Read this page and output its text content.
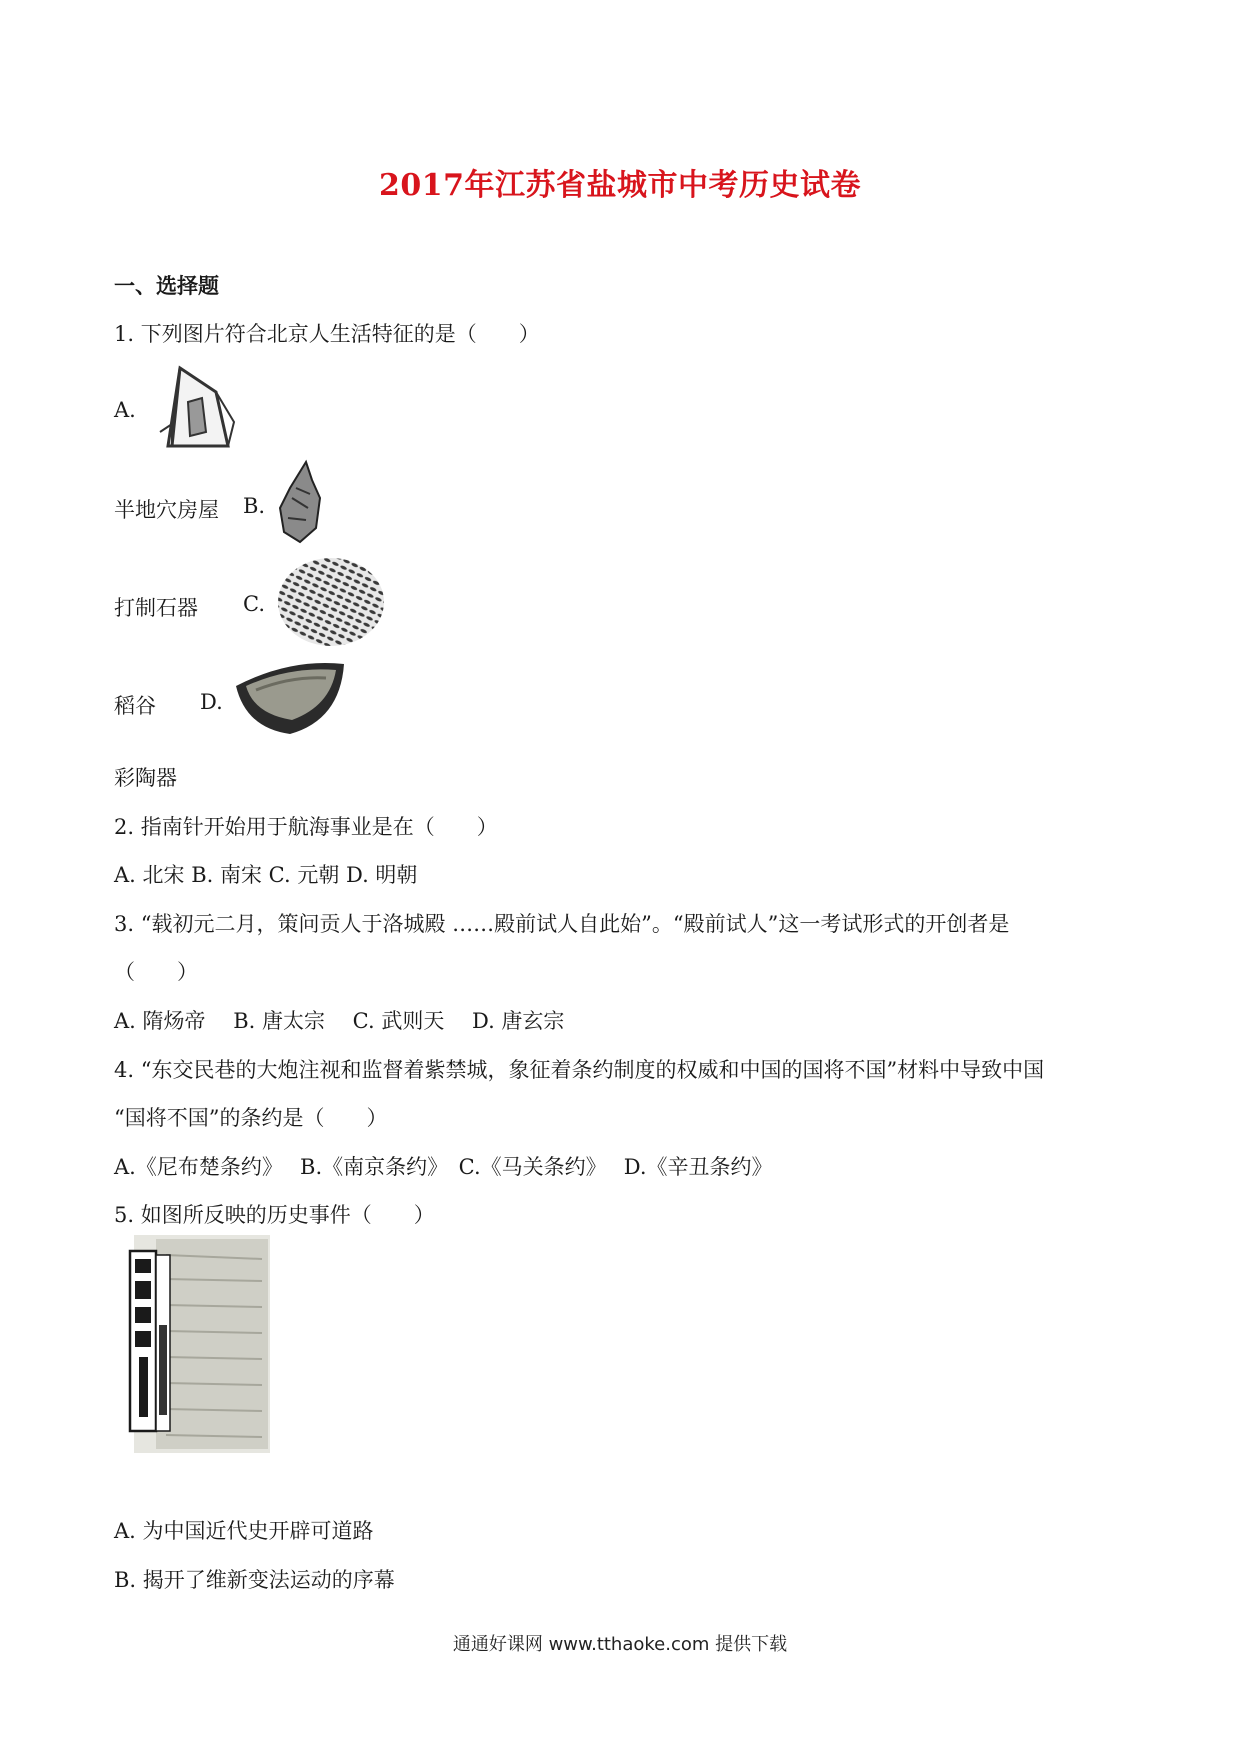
2017年江苏省盐城市中考历史试卷
一、选择题
1. 下列图片符合北京人生活特征的是（　　）
A.
半地穴房屋 B.
打制石器 C.
稻谷 D.
彩陶器
2. 指南针开始用于航海事业是在（　　）
A. 北宋 B. 南宋 C. 元朝 D. 明朝
3. “载初元二月，策问贡人于洛城殿 ……殿前试人自此始”。“殿前试人”这一考试形式的开创者是
（　　）
A. 隋炀帝　 B. 唐太宗　 C. 武则天　 D. 唐玄宗
4. “东交民巷的大炮注视和监督着紫禁城，象征着条约制度的权威和中国的国将不国”材料中导致中国
“国将不国”的条约是（　　）
A.《尼布楚条约》　 B.《南京条约》　C.《马关条约》　 D.《辛丑条约》
5. 如图所反映的历史事件（　　）
A. 为中国近代史开辟可道路
B. 揭开了维新变法运动的序幕
通通好课网 www.tthaoke.com 提供下载
